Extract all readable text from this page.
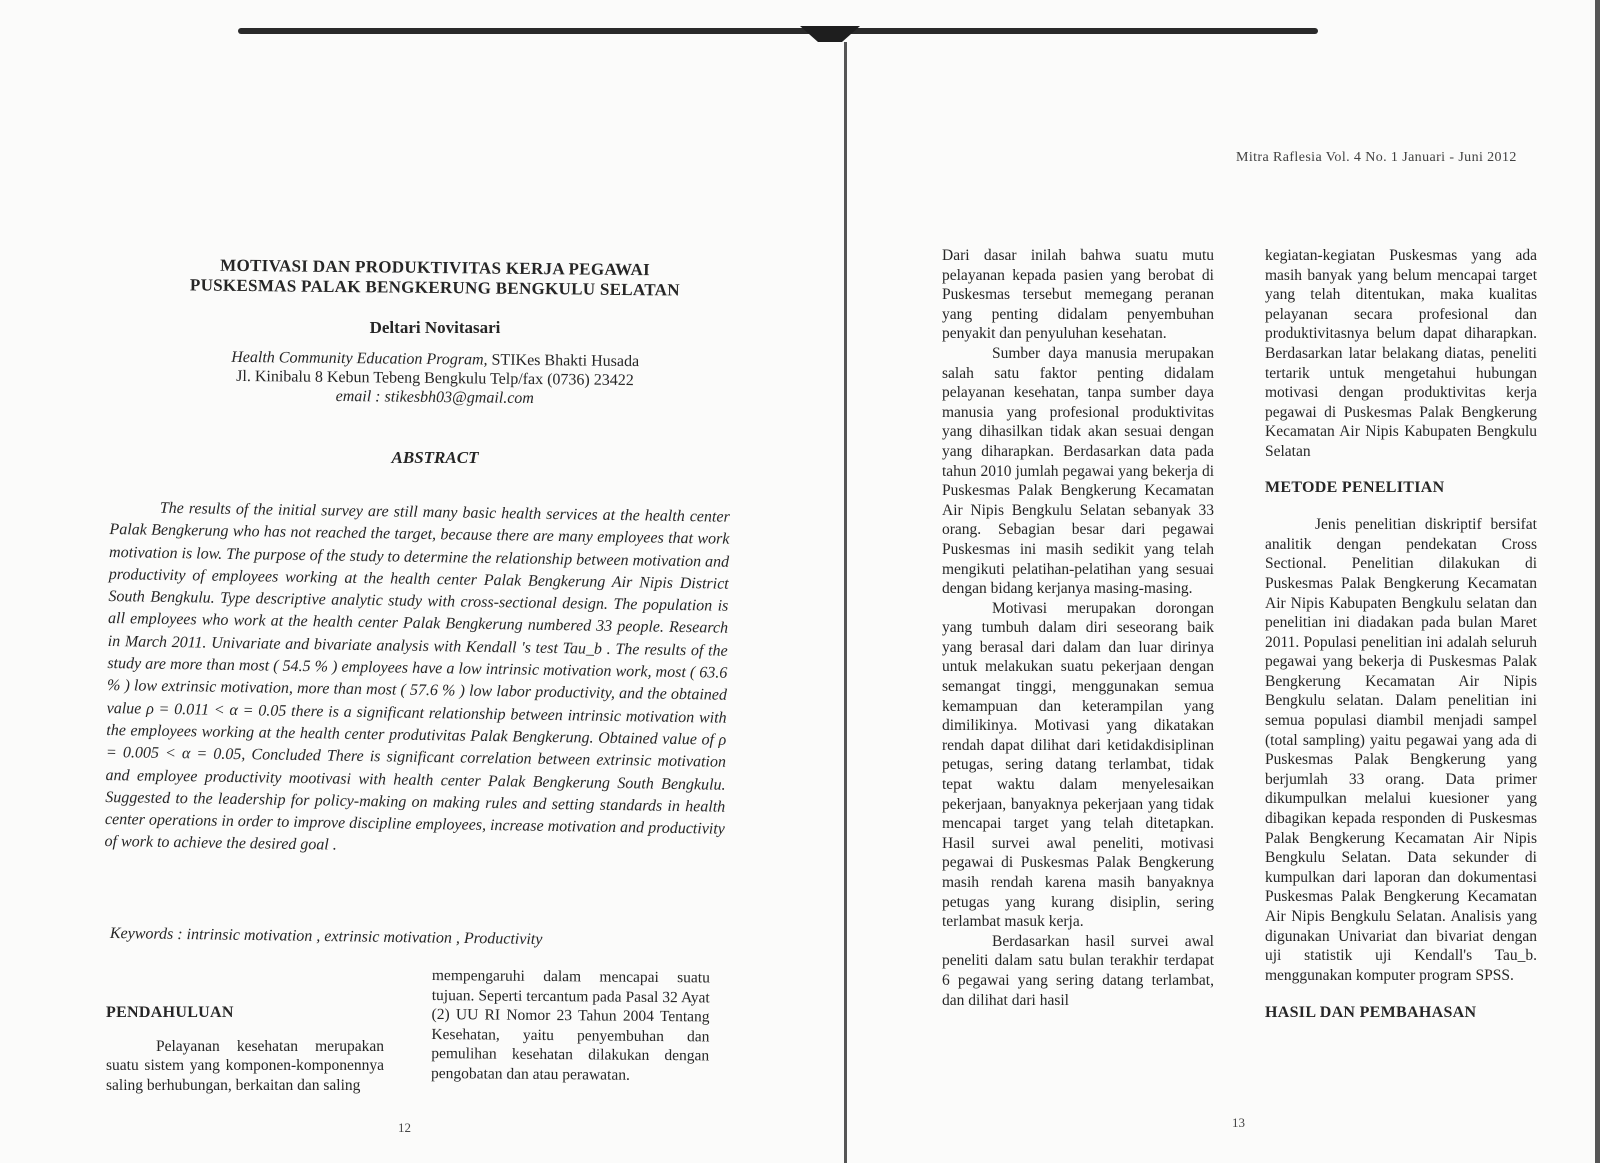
MOTIVASI DAN PRODUKTIVITAS KERJA PEGAWAI
PUSKESMAS PALAK BENGKERUNG BENGKULU SELATAN
Deltari Novitasari
Health Community Education Program, STIKes Bhakti Husada
Jl. Kinibalu 8 Kebun Tebeng Bengkulu Telp/fax (0736) 23422
email : stikesbh03@gmail.com
ABSTRACT
The results of the initial survey are still many basic health services at the health center Palak Bengkerung who has not reached the target, because there are many employees that work motivation is low. The purpose of the study to determine the relationship between motivation and productivity of employees working at the health center Palak Bengkerung Air Nipis District South Bengkulu. Type descriptive analytic study with cross-sectional design. The population is all employees who work at the health center Palak Bengkerung numbered 33 people. Research in March 2011. Univariate and bivariate analysis with Kendall 's test Tau_b . The results of the study are more than most ( 54.5 % ) employees have a low intrinsic motivation work, most ( 63.6 % ) low extrinsic motivation, more than most ( 57.6 % ) low labor productivity, and the obtained value ρ = 0.011 < α = 0.05 there is a significant relationship between intrinsic motivation with the employees working at the health center produtivitas Palak Bengkerung. Obtained value of ρ = 0.005 < α = 0.05, Concluded There is significant correlation between extrinsic motivation and employee productivity mootivasi with health center Palak Bengkerung South Bengkulu. Suggested to the leadership for policy-making on making rules and setting standards in health center operations in order to improve discipline employees, increase motivation and productivity of work to achieve the desired goal .
Keywords : intrinsic motivation , extrinsic motivation , Productivity
PENDAHULUAN

Pelayanan kesehatan merupakan suatu sistem yang komponen-komponennya saling berhubungan, berkaitan dan saling

mempengaruhi dalam mencapai suatu tujuan. Seperti tercantum pada Pasal 32 Ayat (2) UU RI Nomor 23 Tahun 2004 Tentang Kesehatan, yaitu penyembuhan dan pemulihan kesehatan dilakukan dengan pengobatan dan atau perawatan.

12
Mitra Raflesia Vol. 4 No. 1 Januari - Juni 2012

Dari dasar inilah bahwa suatu mutu pelayanan kepada pasien yang berobat di Puskesmas tersebut memegang peranan yang penting didalam penyembuhan penyakit dan penyuluhan kesehatan.

Sumber daya manusia merupakan salah satu faktor penting didalam pelayanan kesehatan, tanpa sumber daya manusia yang profesional produktivitas yang dihasilkan tidak akan sesuai dengan yang diharapkan. Berdasarkan data pada tahun 2010 jumlah pegawai yang bekerja di Puskesmas Palak Bengkerung Kecamatan Air Nipis Bengkulu Selatan sebanyak 33 orang. Sebagian besar dari pegawai Puskesmas ini masih sedikit yang telah mengikuti pelatihan-pelatihan yang sesuai dengan bidang kerjanya masing-masing.

Motivasi merupakan dorongan yang tumbuh dalam diri seseorang baik yang berasal dari dalam dan luar dirinya untuk melakukan suatu pekerjaan dengan semangat tinggi, menggunakan semua kemampuan dan keterampilan yang dimilikinya. Motivasi yang dikatakan rendah dapat dilihat dari ketidakdisiplinan petugas, sering datang terlambat, tidak tepat waktu dalam menyelesaikan pekerjaan, banyaknya pekerjaan yang tidak mencapai target yang telah ditetapkan. Hasil survei awal peneliti, motivasi pegawai di Puskesmas Palak Bengkerung masih rendah karena masih banyaknya petugas yang kurang disiplin, sering terlambat masuk kerja.

Berdasarkan hasil survei awal peneliti dalam satu bulan terakhir terdapat 6 pegawai yang sering datang terlambat, dan dilihat dari hasil

kegiatan-kegiatan Puskesmas yang ada masih banyak yang belum mencapai target yang telah ditentukan, maka kualitas pelayanan secara profesional dan produktivitasnya belum dapat diharapkan. Berdasarkan latar belakang diatas, peneliti tertarik untuk mengetahui hubungan motivasi dengan produktivitas kerja pegawai di Puskesmas Palak Bengkerung Kecamatan Air Nipis Kabupaten Bengkulu Selatan

METODE PENELITIAN

Jenis penelitian diskriptif bersifat analitik dengan pendekatan Cross Sectional. Penelitian dilakukan di Puskesmas Palak Bengkerung Kecamatan Air Nipis Kabupaten Bengkulu selatan dan penelitian ini diadakan pada bulan Maret 2011. Populasi penelitian ini adalah seluruh pegawai yang bekerja di Puskesmas Palak Bengkerung Kecamatan Air Nipis Bengkulu selatan. Dalam penelitian ini semua populasi diambil menjadi sampel (total sampling) yaitu pegawai yang ada di Puskesmas Palak Bengkerung yang berjumlah 33 orang. Data primer dikumpulkan melalui kuesioner yang dibagikan kepada responden di Puskesmas Palak Bengkerung Kecamatan Air Nipis Bengkulu Selatan. Data sekunder di kumpulkan dari laporan dan dokumentasi Puskesmas Palak Bengkerung Kecamatan Air Nipis Bengkulu Selatan. Analisis yang digunakan Univariat dan bivariat dengan uji statistik uji Kendall's Tau_b. menggunakan komputer program SPSS.

HASIL DAN PEMBAHASAN
13
